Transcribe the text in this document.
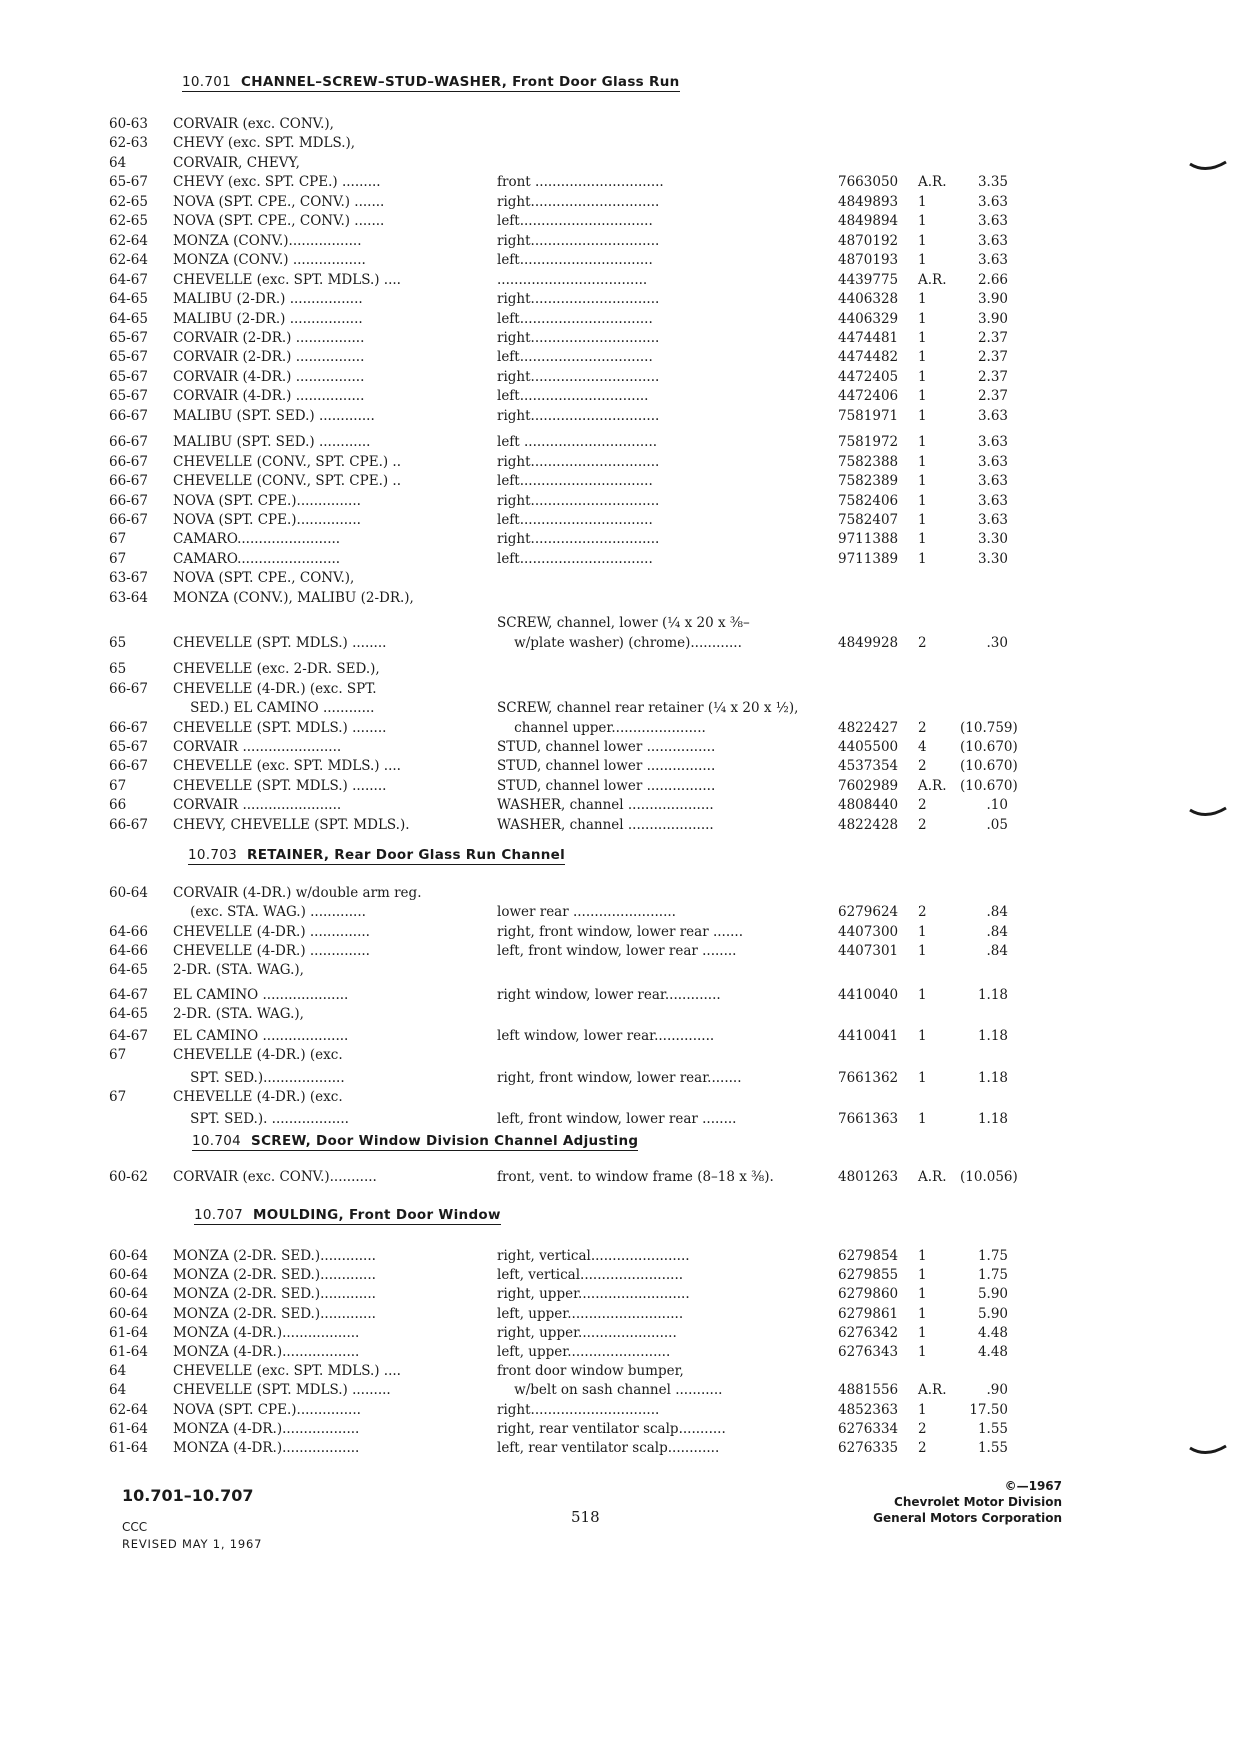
10.701 CHANNEL–SCREW–STUD–WASHER, Front Door Glass Run
10.703 RETAINER, Rear Door Glass Run Channel
10.704 SCREW, Door Window Division Channel Adjusting
10.707 MOULDING, Front Door Window
10.701–10.707
CCC
REVISED MAY 1, 1967
518
©—1967
Chevrolet Motor Division
General Motors Corporation
60-63 CORVAIR (exc. CONV.),
62-63 CHEVY (exc. SPT. MDLS.),
64	CORVAIR, CHEVY,
65-67 CHEVY (exc. SPT. CPE.) .........	front ..............................	7663050 A.R.	3.35
62-65 NOVA (SPT. CPE., CONV.) .......	right..............................	4849893 1	3.63
62-65 NOVA (SPT. CPE., CONV.) .......	left...............................	4849894 1	3.63
62-64 MONZA (CONV.).................	right..............................	4870192 1	3.63
62-64 MONZA (CONV.) .................	left...............................	4870193 1	3.63
64-67 CHEVELLE (exc. SPT. MDLS.) ....	...................................	4439775 A.R.	2.66
64-65 MALIBU (2-DR.) .................	right..............................	4406328 1	3.90
64-65 MALIBU (2-DR.) .................	left...............................	4406329 1	3.90
65-67 CORVAIR (2-DR.) ................	right..............................	4474481 1	2.37
65-67 CORVAIR (2-DR.) ................	left...............................	4474482 1	2.37
65-67 CORVAIR (4-DR.) ................	right..............................	4472405 1	2.37
65-67 CORVAIR (4-DR.) ................	left..............................	4472406 1	2.37
66-67 MALIBU (SPT. SED.) .............	right..............................	7581971 1	3.63
66-67 MALIBU (SPT. SED.) ............	left ...............................	7581972 1	3.63
66-67 CHEVELLE (CONV., SPT. CPE.) ..	right..............................	7582388 1	3.63
66-67 CHEVELLE (CONV., SPT. CPE.) ..	left...............................	7582389 1	3.63
66-67 NOVA (SPT. CPE.)...............	right..............................	7582406 1	3.63
66-67 NOVA (SPT. CPE.)...............	left...............................	7582407 1	3.63
67	CAMARO........................	right..............................	9711388 1	3.30
67	CAMARO........................	left...............................	9711389 1	3.30
63-67 NOVA (SPT. CPE., CONV.),
63-64 MONZA (CONV.), MALIBU (2-DR.),
SCREW, channel, lower (¼ x 20 x ⅜–
65	CHEVELLE (SPT. MDLS.) ........	w/plate washer) (chrome)............	4849928 2	.30
65	CHEVELLE (exc. 2-DR. SED.),
66-67 CHEVELLE (4-DR.) (exc. SPT.
SED.) EL CAMINO ............	SCREW, channel rear retainer (¼ x 20 x ½),
66-67 CHEVELLE (SPT. MDLS.) ........	channel upper......................	4822427 2 (10.759)
65-67 CORVAIR .......................	STUD, channel lower ................	4405500 4 (10.670)
66-67 CHEVELLE (exc. SPT. MDLS.) ....	STUD, channel lower ................	4537354 2 (10.670)
67	CHEVELLE (SPT. MDLS.) ........	STUD, channel lower ................	7602989 A.R. (10.670)
66	CORVAIR .......................	WASHER, channel ....................	4808440 2	.10
66-67 CHEVY, CHEVELLE (SPT. MDLS.).	WASHER, channel ....................	4822428 2	.05
60-64 CORVAIR (4-DR.) w/double arm reg.
(exc. STA. WAG.) .............	lower rear ........................	6279624 2	.84
64-66 CHEVELLE (4-DR.) ..............	right, front window, lower rear .......	4407300 1	.84
64-66 CHEVELLE (4-DR.) ..............	left, front window, lower rear ........	4407301 1	.84
64-65 2-DR. (STA. WAG.),
64-67 EL CAMINO ....................	right window, lower rear.............	4410040 1	1.18
64-65 2-DR. (STA. WAG.),
64-67 EL CAMINO ....................	left window, lower rear..............	4410041 1	1.18
67	CHEVELLE (4-DR.) (exc.
SPT. SED.)...................	right, front window, lower rear........	7661362 1	1.18
67	CHEVELLE (4-DR.) (exc.
SPT. SED.). ..................	left, front window, lower rear ........	7661363 1	1.18
60-62 CORVAIR (exc. CONV.)...........	front, vent. to window frame (8–18 x ⅜).	4801263 A.R. (10.056)
60-64 MONZA (2-DR. SED.).............	right, vertical.......................	6279854 1	1.75
60-64 MONZA (2-DR. SED.).............	left, vertical........................	6279855 1	1.75
60-64 MONZA (2-DR. SED.).............	right, upper..........................	6279860 1	5.90
60-64 MONZA (2-DR. SED.).............	left, upper...........................	6279861 1	5.90
61-64 MONZA (4-DR.)..................	right, upper.......................	6276342 1	4.48
61-64 MONZA (4-DR.)..................	left, upper........................	6276343 1	4.48
64	CHEVELLE (exc. SPT. MDLS.) ....	front door window bumper,
64	CHEVELLE (SPT. MDLS.) .........	w/belt on sash channel ...........	4881556 A.R.	.90
62-64 NOVA (SPT. CPE.)...............	right..............................	4852363 1	17.50
61-64 MONZA (4-DR.)..................	right, rear ventilator scalp...........	6276334 2	1.55
61-64 MONZA (4-DR.)..................	left, rear ventilator scalp............	6276335 2	1.55
